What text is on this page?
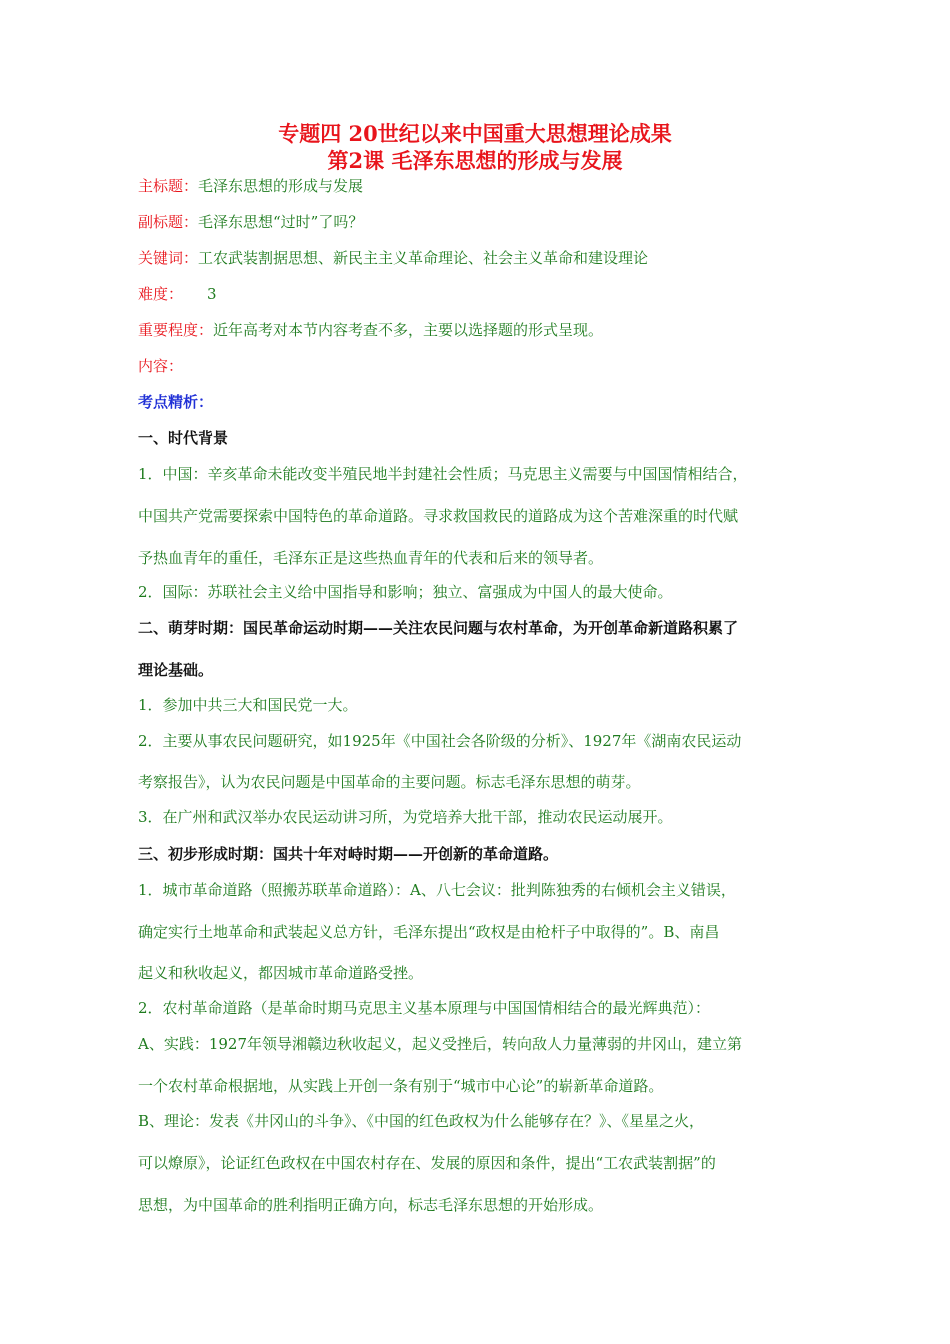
专题四 20世纪以来中国重大思想理论成果
第2课 毛泽东思想的形成与发展
主标题：毛泽东思想的形成与发展
副标题：毛泽东思想“过时”了吗？
关键词：工农武装割据思想、新民主主义革命理论、社会主义革命和建设理论
难度： 3
重要程度：近年高考对本节内容考查不多，主要以选择题的形式呈现。
内容：
考点精析：
一、时代背景
1．中国：辛亥革命未能改变半殖民地半封建社会性质；马克思主义需要与中国国情相结合，
中国共产党需要探索中国特色的革命道路。寻求救国救民的道路成为这个苦难深重的时代赋
予热血青年的重任，毛泽东正是这些热血青年的代表和后来的领导者。
2．国际：苏联社会主义给中国指导和影响；独立、富强成为中国人的最大使命。
二、萌芽时期：国民革命运动时期——关注农民问题与农村革命，为开创革命新道路积累了
理论基础。
1．参加中共三大和国民党一大。
2．主要从事农民问题研究，如1925年《中国社会各阶级的分析》、1927年《湖南农民运动
考察报告》，认为农民问题是中国革命的主要问题。标志毛泽东思想的萌芽。
3．在广州和武汉举办农民运动讲习所，为党培养大批干部，推动农民运动展开。
三、初步形成时期：国共十年对峙时期——开创新的革命道路。
1．城市革命道路（照搬苏联革命道路）：A、八七会议：批判陈独秀的右倾机会主义错误，
确定实行土地革命和武装起义总方针，毛泽东提出“政权是由枪杆子中取得的”。B、南昌
起义和秋收起义，都因城市革命道路受挫。
2．农村革命道路（是革命时期马克思主义基本原理与中国国情相结合的最光辉典范）：
A、实践：1927年领导湘赣边秋收起义，起义受挫后，转向敌人力量薄弱的井冈山，建立第
一个农村革命根据地，从实践上开创一条有别于“城市中心论”的崭新革命道路。
B、理论：发表《井冈山的斗争》、《中国的红色政权为什么能够存在？》、《星星之火，
可以燎原》，论证红色政权在中国农村存在、发展的原因和条件，提出“工农武装割据”的
思想，为中国革命的胜利指明正确方向，标志毛泽东思想的开始形成。
